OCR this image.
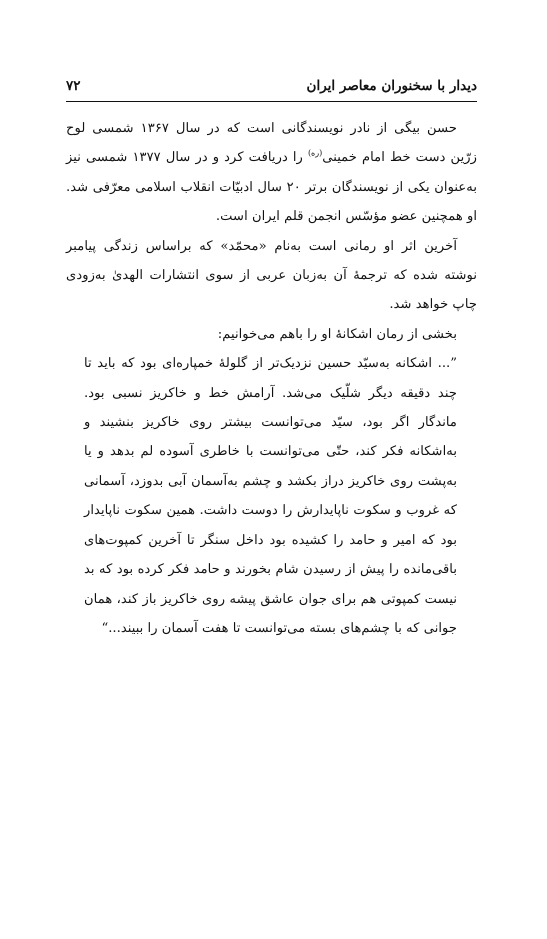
دیدار با سخنوران معاصر ایران
۷۲

حسن بیگی از نادر نویسندگانی است که در سال ۱۳۶۷ شمسی لوح زرّین دست خط امام خمینی$^{(ره)}$ را دریافت کرد و در سال ۱۳۷۷ شمسی نیز به‌عنوان یکی از نویسندگان برتر ۲۰ سال ادبیّات انقلاب اسلامی معرّفی شد. او همچنین عضو مؤسّس انجمن قلم ایران است.

آخرین اثر او رمانی است به‌نام «محمّد» که براساس زندگی پیامبر نوشته شده که ترجمهٔ آن به‌زبان عربی از سوی انتشارات الهدیٰ به‌زودی چاپ خواهد شد.

بخشی از رمان اشکانهٔ او را باهم می‌خوانیم:
”... اشکانه به‌سیّد حسین نزدیک‌تر از گلولهٔ خمپاره‌ای بود که باید تا چند دقیقه دیگر شلّیک می‌شد. آرامش خط و خاکریز نسبی بود. ماندگار اگر بود، سیّد می‌توانست بیشتر روی خاکریز بنشیند و به‌اشکانه فکر کند، حتّی می‌توانست با خاطری آسوده لم بدهد و یا به‌پشت روی خاکریز دراز بکشد و چشم به‌آسمان آبی بدوزد، آسمانی که غروب و سکوت ناپایدارش را دوست داشت. همین سکوت ناپایدار بود که امیر و حامد را کشیده بود داخل سنگر تا آخرین کمپوت‌های باقی‌مانده را پیش از رسیدن شام بخورند و حامد فکر کرده بود که بد نیست کمپوتی هم برای جوان عاشق پیشه روی خاکریز باز کند، همان جوانی که با چشم‌های بسته می‌توانست تا هفت آسمان را ببیند...“
